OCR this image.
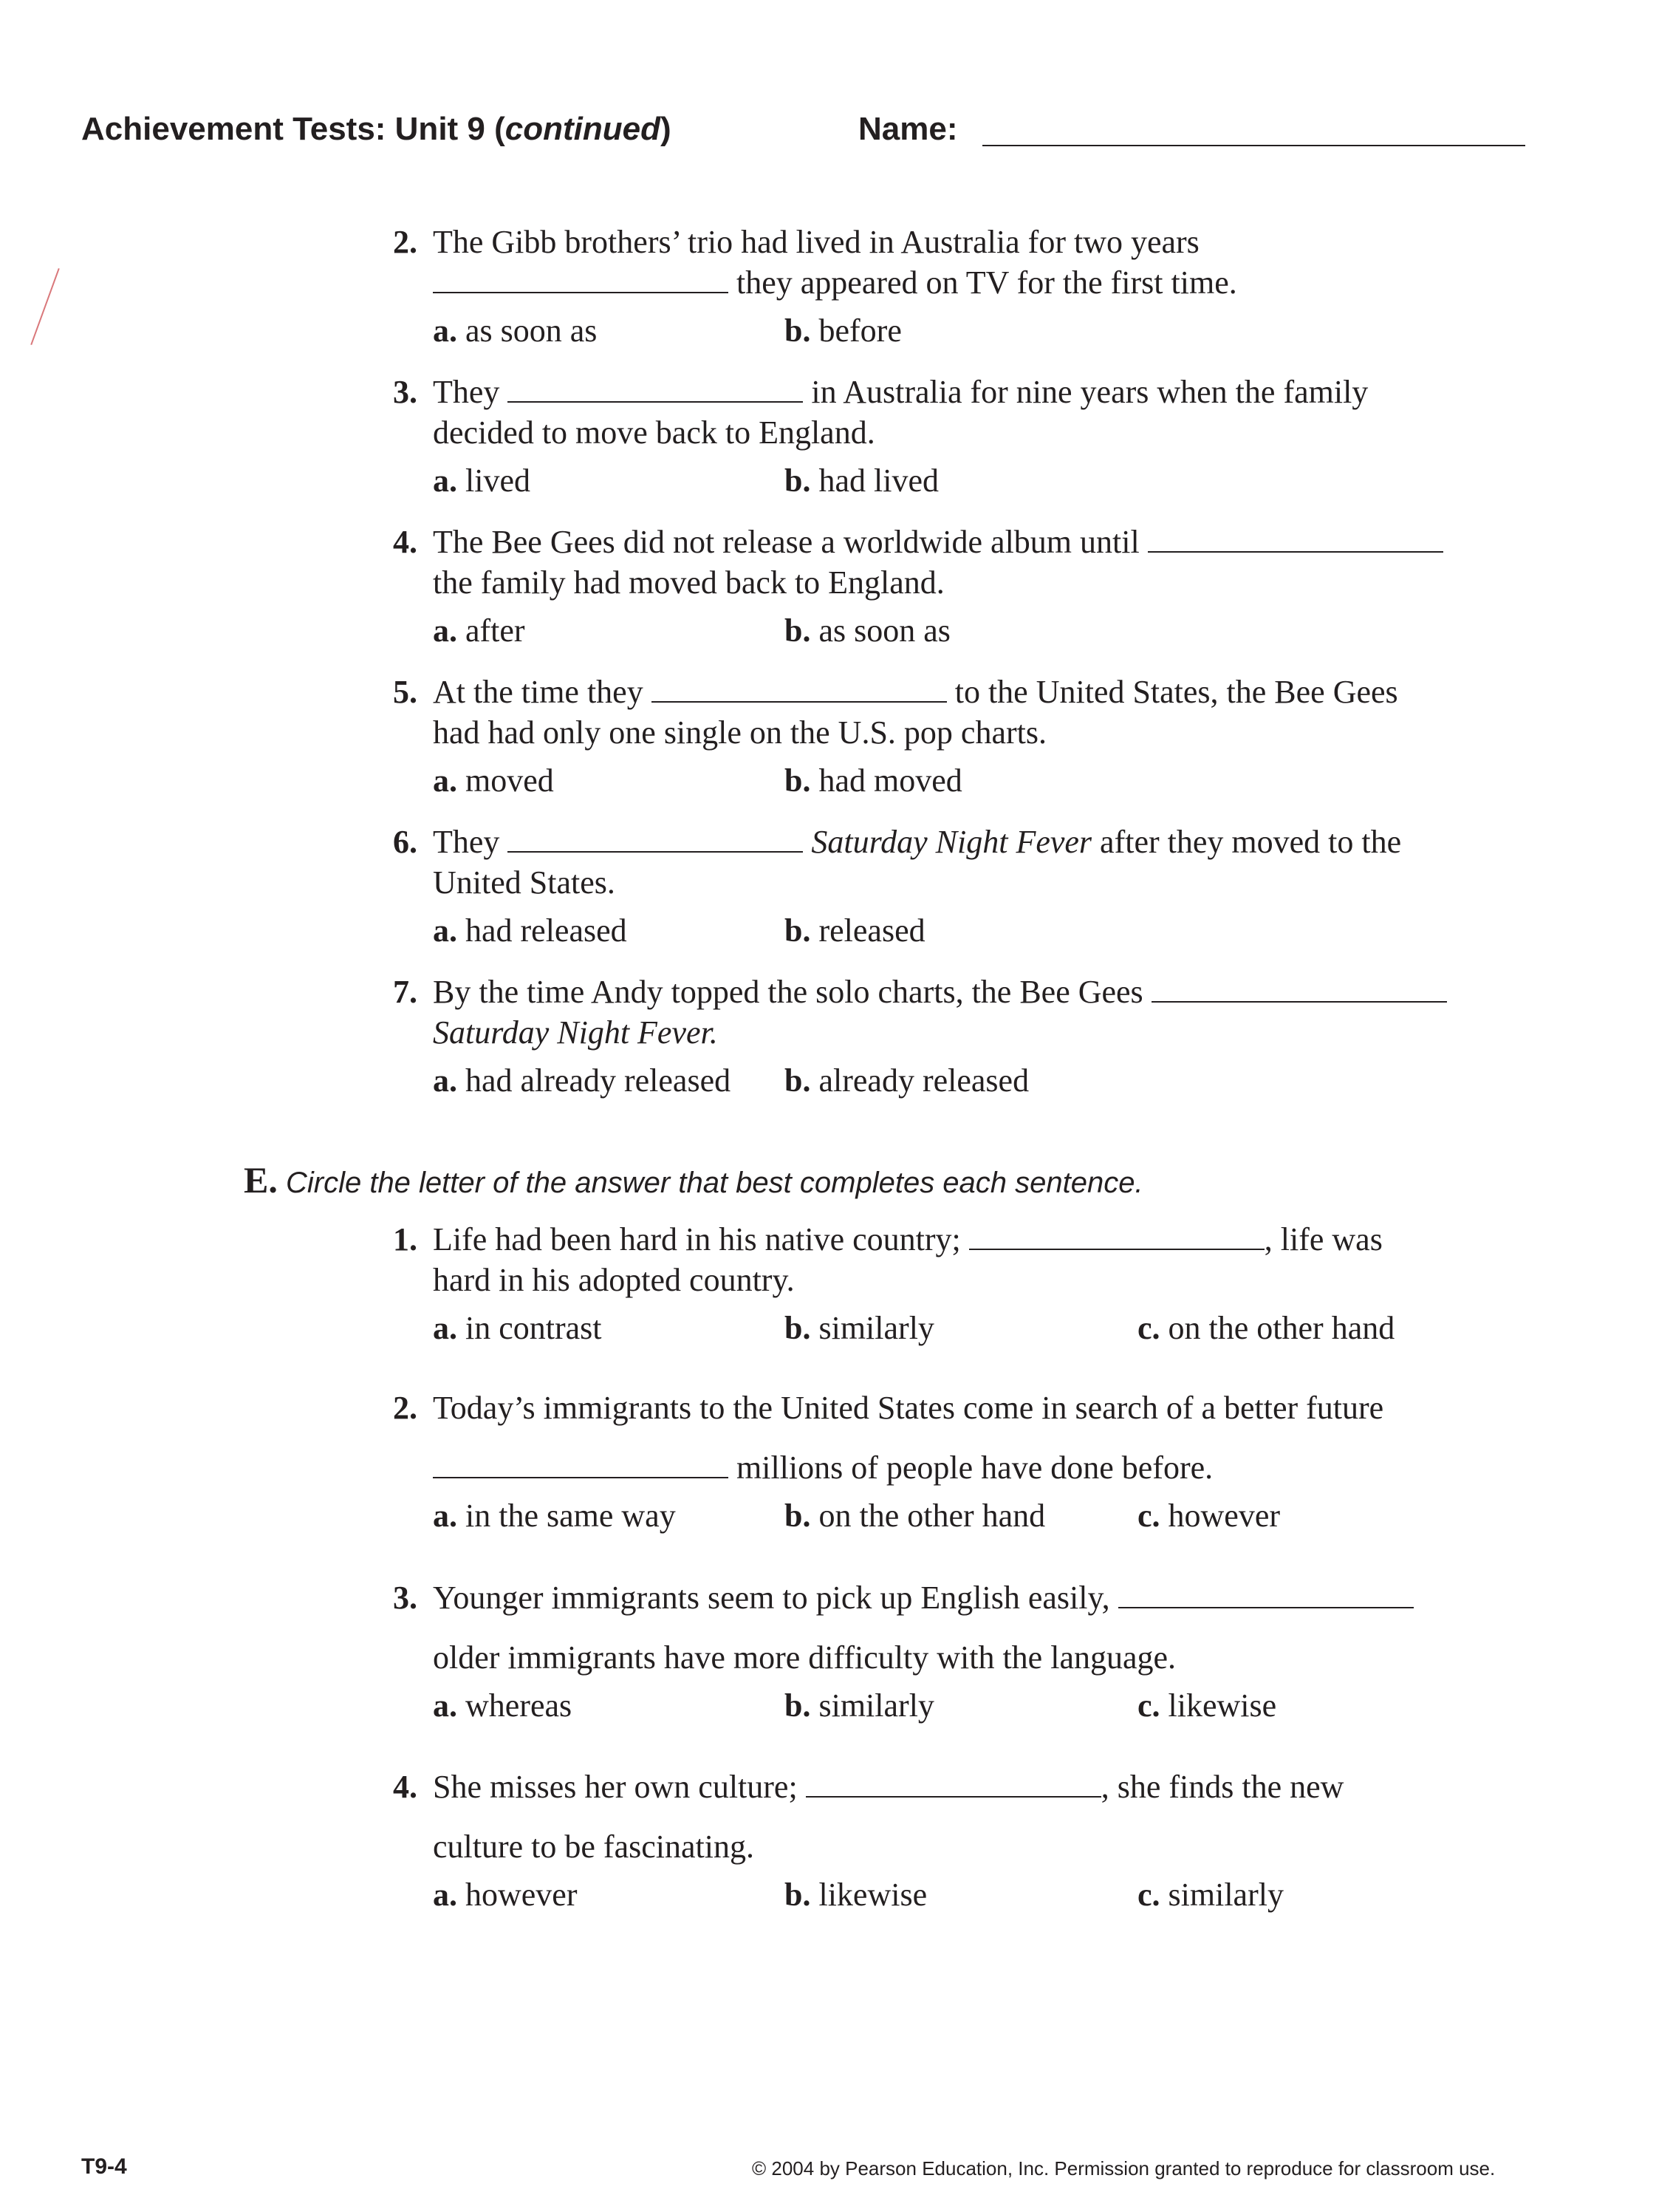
Achievement Tests: Unit 9 (continued)	Name:
2. The Gibb brothers’ trio had lived in Australia for two years
they appeared on TV for the first time.
a. as soon as	b. before
3. They	in Australia for nine years when the family
decided to move back to England.
a. lived	b. had lived
4. The Bee Gees did not release a worldwide album until
the family had moved back to England.
a. after	b. as soon as
5. At the time they	to the United States, the Bee Gees
had had only one single on the U.S. pop charts.
a. moved	b. had moved
6. They	Saturday Night Fever after they moved to the
United States.
a. had released	b. released
7. By the time Andy topped the solo charts, the Bee Gees
Saturday Night Fever.
a. had already released b. already released
E. Circle the letter of the answer that best completes each sentence.
1. Life had been hard in his native country;	, life was
hard in his adopted country.
a. in contrast	b. similarly	c. on the other hand
2. Today’s immigrants to the United States come in search of a better future
millions of people have done before.
a. in the same way	b. on the other hand	c. however
3. Younger immigrants seem to pick up English easily,
older immigrants have more difficulty with the language.
a. whereas	b. similarly	c. likewise
4. She misses her own culture;	, she finds the new
culture to be fascinating.
a. however	b. likewise	c. similarly
T9-4	© 2004 by Pearson Education, Inc. Permission granted to reproduce for classroom use.
